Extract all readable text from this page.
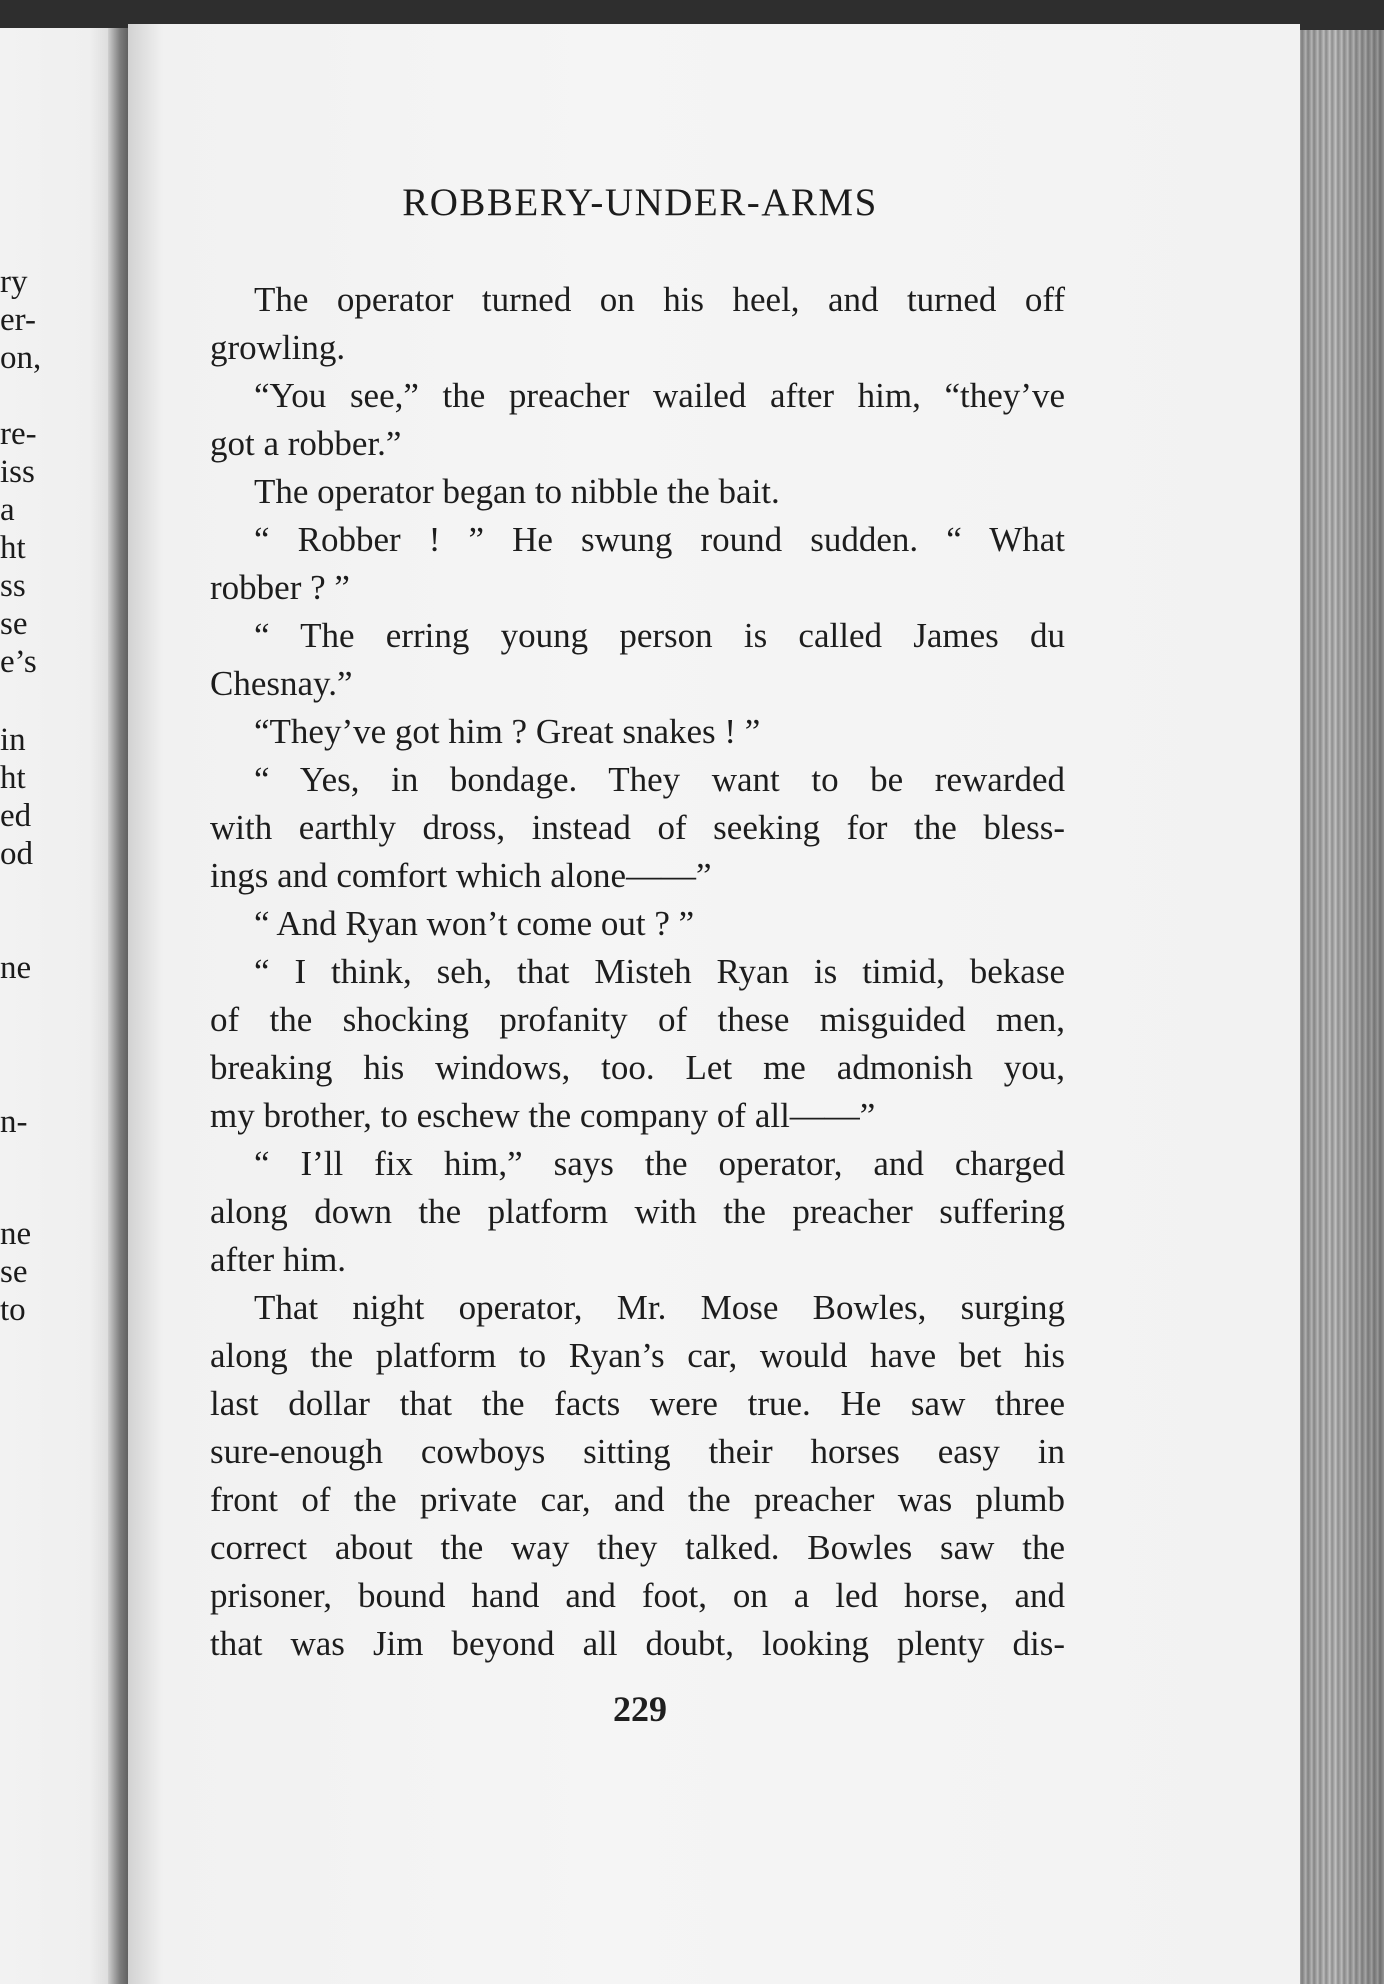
ry
er-
on,
re-
iss
a
ht
ss
se
e’s
in
ht
ed
od
ne
n-
ne
se
to
ROBBERY-UNDER-ARMS
The operator turned on his heel, and turned off
growling.
“You see,” the preacher wailed after him, “they’ve
got a robber.”
The operator began to nibble the bait.
“ Robber ! ” He swung round sudden. “ What
robber ? ”
“ The erring young person is called James du
Chesnay.”
“They’ve got him ? Great snakes ! ”
“ Yes, in bondage. They want to be rewarded
with earthly dross, instead of seeking for the bless-
ings and comfort which alone——”
“ And Ryan won’t come out ? ”
“ I think, seh, that Misteh Ryan is timid, bekase
of the shocking profanity of these misguided men,
breaking his windows, too. Let me admonish you,
my brother, to eschew the company of all——”
“ I’ll fix him,” says the operator, and charged
along down the platform with the preacher suffering
after him.
That night operator, Mr. Mose Bowles, surging
along the platform to Ryan’s car, would have bet his
last dollar that the facts were true. He saw three
sure-enough cowboys sitting their horses easy in
front of the private car, and the preacher was plumb
correct about the way they talked. Bowles saw the
prisoner, bound hand and foot, on a led horse, and
that was Jim beyond all doubt, looking plenty dis-
229
